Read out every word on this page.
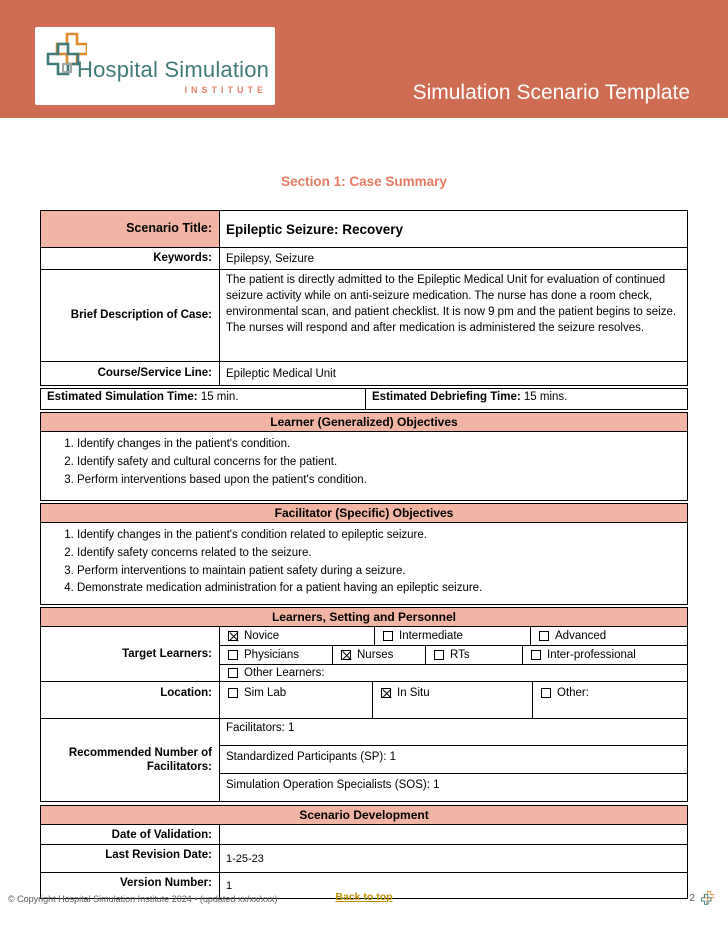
Hospital Simulation
INSTITUTE	Simulation Scenario Template
Section 1: Case Summary
Scenario Title:	Epileptic Seizure: Recovery
Keywords:	Epilepsy, Seizure
Brief Description of Case:
The patient is directly admitted to the Epileptic Medical Unit for evaluation of continued seizure activity while on anti-seizure medication. The nurse has done a room check, environmental scan, and patient checklist. It is now 9 pm and the patient begins to seize. The nurses will respond and after medication is administered the seizure resolves.
Course/Service Line:	Epileptic Medical Unit
Estimated Simulation Time: 15 min.	Estimated Debriefing Time: 15 mins.
Learner (Generalized) Objectives
1. Identify changes in the patient's condition.
2. Identify safety and cultural concerns for the patient.
3. Perform interventions based upon the patient's condition.
Facilitator (Specific) Objectives
1. Identify changes in the patient's condition related to epileptic seizure.
2. Identify safety concerns related to the seizure.
3. Perform interventions to maintain patient safety during a seizure.
4. Demonstrate medication administration for a patient having an epileptic seizure.
Learners, Setting and Personnel
Target Learners:
Novice	Intermediate	Advanced
Physicians	Nurses	RTs	Inter-professional
Other Learners:
Location:	Sim Lab	In Situ	Other:
Recommended Number of Facilitators:
Facilitators: 1
Standardized Participants (SP): 1
Simulation Operation Specialists (SOS): 1
Scenario Development
Date of Validation:
Last Revision Date:	1-25-23
Version Number:	1
© Copyright Hospital Simulation Institute 2024 • (updated xx/xx/xxx)	Back to top	2
